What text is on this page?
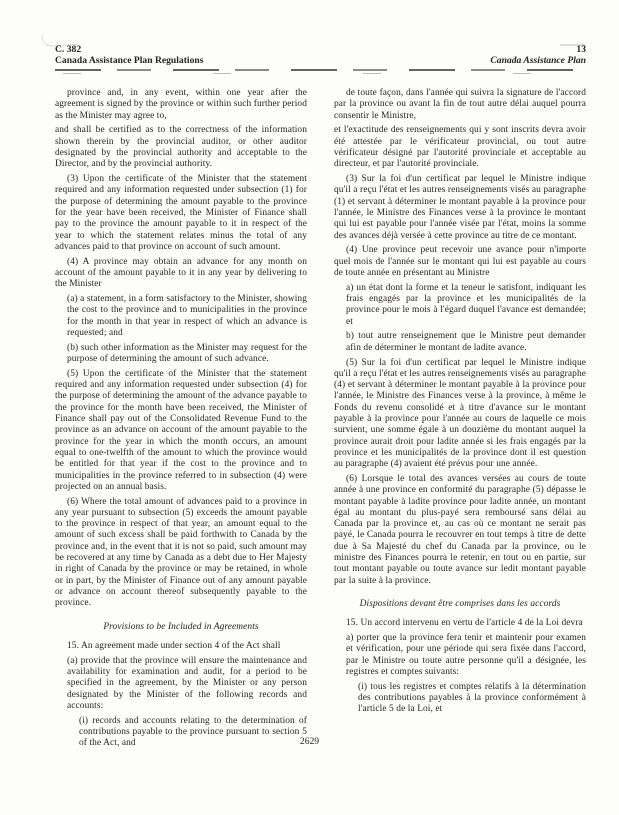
C. 382
Canada Assistance Plan Regulations
13
Canada Assistance Plan

province and, in any event, within one year after the agreement is signed by the province or within such further period as the Minister may agree to,

and shall be certified as to the correctness of the information shown therein by the provincial auditor, or other auditor designated by the provincial authority and acceptable to the Director, and by the provincial authority.

(3) Upon the certificate of the Minister that the statement required and any information requested under subsection (1) for the purpose of determining the amount payable to the province for the year have been received, the Minister of Finance shall pay to the province the amount payable to it in respect of the year to which the statement relates minus the total of any advances paid to that province on account of such amount.

(4) A province may obtain an advance for any month on account of the amount payable to it in any year by delivering to the Minister

(a) a statement, in a form satisfactory to the Minister, showing the cost to the province and to municipalities in the province for the month in that year in respect of which an advance is requested; and

(b) such other information as the Minister may request for the purpose of determining the amount of such advance.

(5) Upon the certificate of the Minister that the statement required and any information requested under subsection (4) for the purpose of determining the amount of the advance payable to the province for the month have been received, the Minister of Finance shall pay out of the Consolidated Revenue Fund to the province as an advance on account of the amount payable to the province for the year in which the month occurs, an amount equal to one-twelfth of the amount to which the province would be entitled for that year if the cost to the province and to municipalities in the province referred to in subsection (4) were projected on an annual basis.

(6) Where the total amount of advances paid to a province in any year pursuant to subsection (5) exceeds the amount payable to the province in respect of that year, an amount equal to the amount of such excess shall be paid forthwith to Canada by the province and, in the event that it is not so paid, such amount may be recovered at any time by Canada as a debt due to Her Majesty in right of Canada by the province or may be retained, in whole or in part, by the Minister of Finance out of any amount payable or advance on account thereof subsequently payable to the province.

Provisions to be Included in Agreements

15. An agreement made under section 4 of the Act shall

(a) provide that the province will ensure the maintenance and availability for examination and audit, for a period to be specified in the agreement, by the Minister or any person designated by the Minister of the following records and accounts:

(i) records and accounts relating to the determination of contributions payable to the province pursuant to section 5 of the Act, and

de toute façon, dans l'année qui suivra la signature de l'accord par la province ou avant la fin de tout autre délai auquel pourra consentir le Ministre,

et l'exactitude des renseignements qui y sont inscrits devra avoir été attestée par le vérificateur provincial, ou tout autre vérificateur désigné par l'autorité provinciale et acceptable au directeur, et par l'autorité provinciale.

(3) Sur la foi d'un certificat par lequel le Ministre indique qu'il a reçu l'état et les autres renseignements visés au paragraphe (1) et servant à déterminer le montant payable à la province pour l'année, le Ministre des Finances verse à la province le montant qui lui est payable pour l'année visée par l'état, moins la somme des avances déjà versée à cette province au titre de ce montant.

(4) Une province peut recevoir une avance pour n'importe quel mois de l'année sur le montant qui lui est payable au cours de toute année en présentant au Ministre

a) un état dont la forme et la teneur le satisfont, indiquant les frais engagés par la province et les municipalités de la province pour le mois à l'égard duquel l'avance est demandée; et

b) tout autre renseignement que le Ministre peut demander afin de déterminer le montant de ladite avance.

(5) Sur la foi d'un certificat par lequel le Ministre indique qu'il a reçu l'état et les autres renseignements visés au paragraphe (4) et servant à déterminer le montant payable à la province pour l'année, le Ministre des Finances verse à la province, à même le Fonds du revenu consolidé et à titre d'avance sur le montant payable à la province pour l'année au cours de laquelle ce mois survient, une somme égale à un douzième du montant auquel la province aurait droit pour ladite année si les frais engagés par la province et les municipalités de la province dont il est question au paragraphe (4) avaient été prévus pour une année.

(6) Lorsque le total des avances versées au cours de toute année à une province en conformité du paragraphe (5) dépasse le montant payable à ladite province pour ladite année, un montant égal au montant du plus-payé sera remboursé sans délai au Canada par la province et, au cas où ce montant ne serait pas payé, le Canada pourra le recouvrer en tout temps à titre de dette due à Sa Majesté du chef du Canada par la province, ou le ministre des Finances pourra le retenir, en tout ou en partie, sur tout montant payable ou toute avance sur ledit montant payable par la suite à la province.

Dispositions devant être comprises dans les accords

15. Un accord intervenu en vertu de l'article 4 de la Loi devra

a) porter que la province fera tenir et maintenir pour examen et vérification, pour une période qui sera fixée dans l'accord, par le Ministre ou toute autre personne qu'il a désignée, les registres et comptes suivants:

(i) tous les registres et comptes relatifs à la détermination des contributions payables à la province conformément à l'article 5 de la Loi, et

2629
